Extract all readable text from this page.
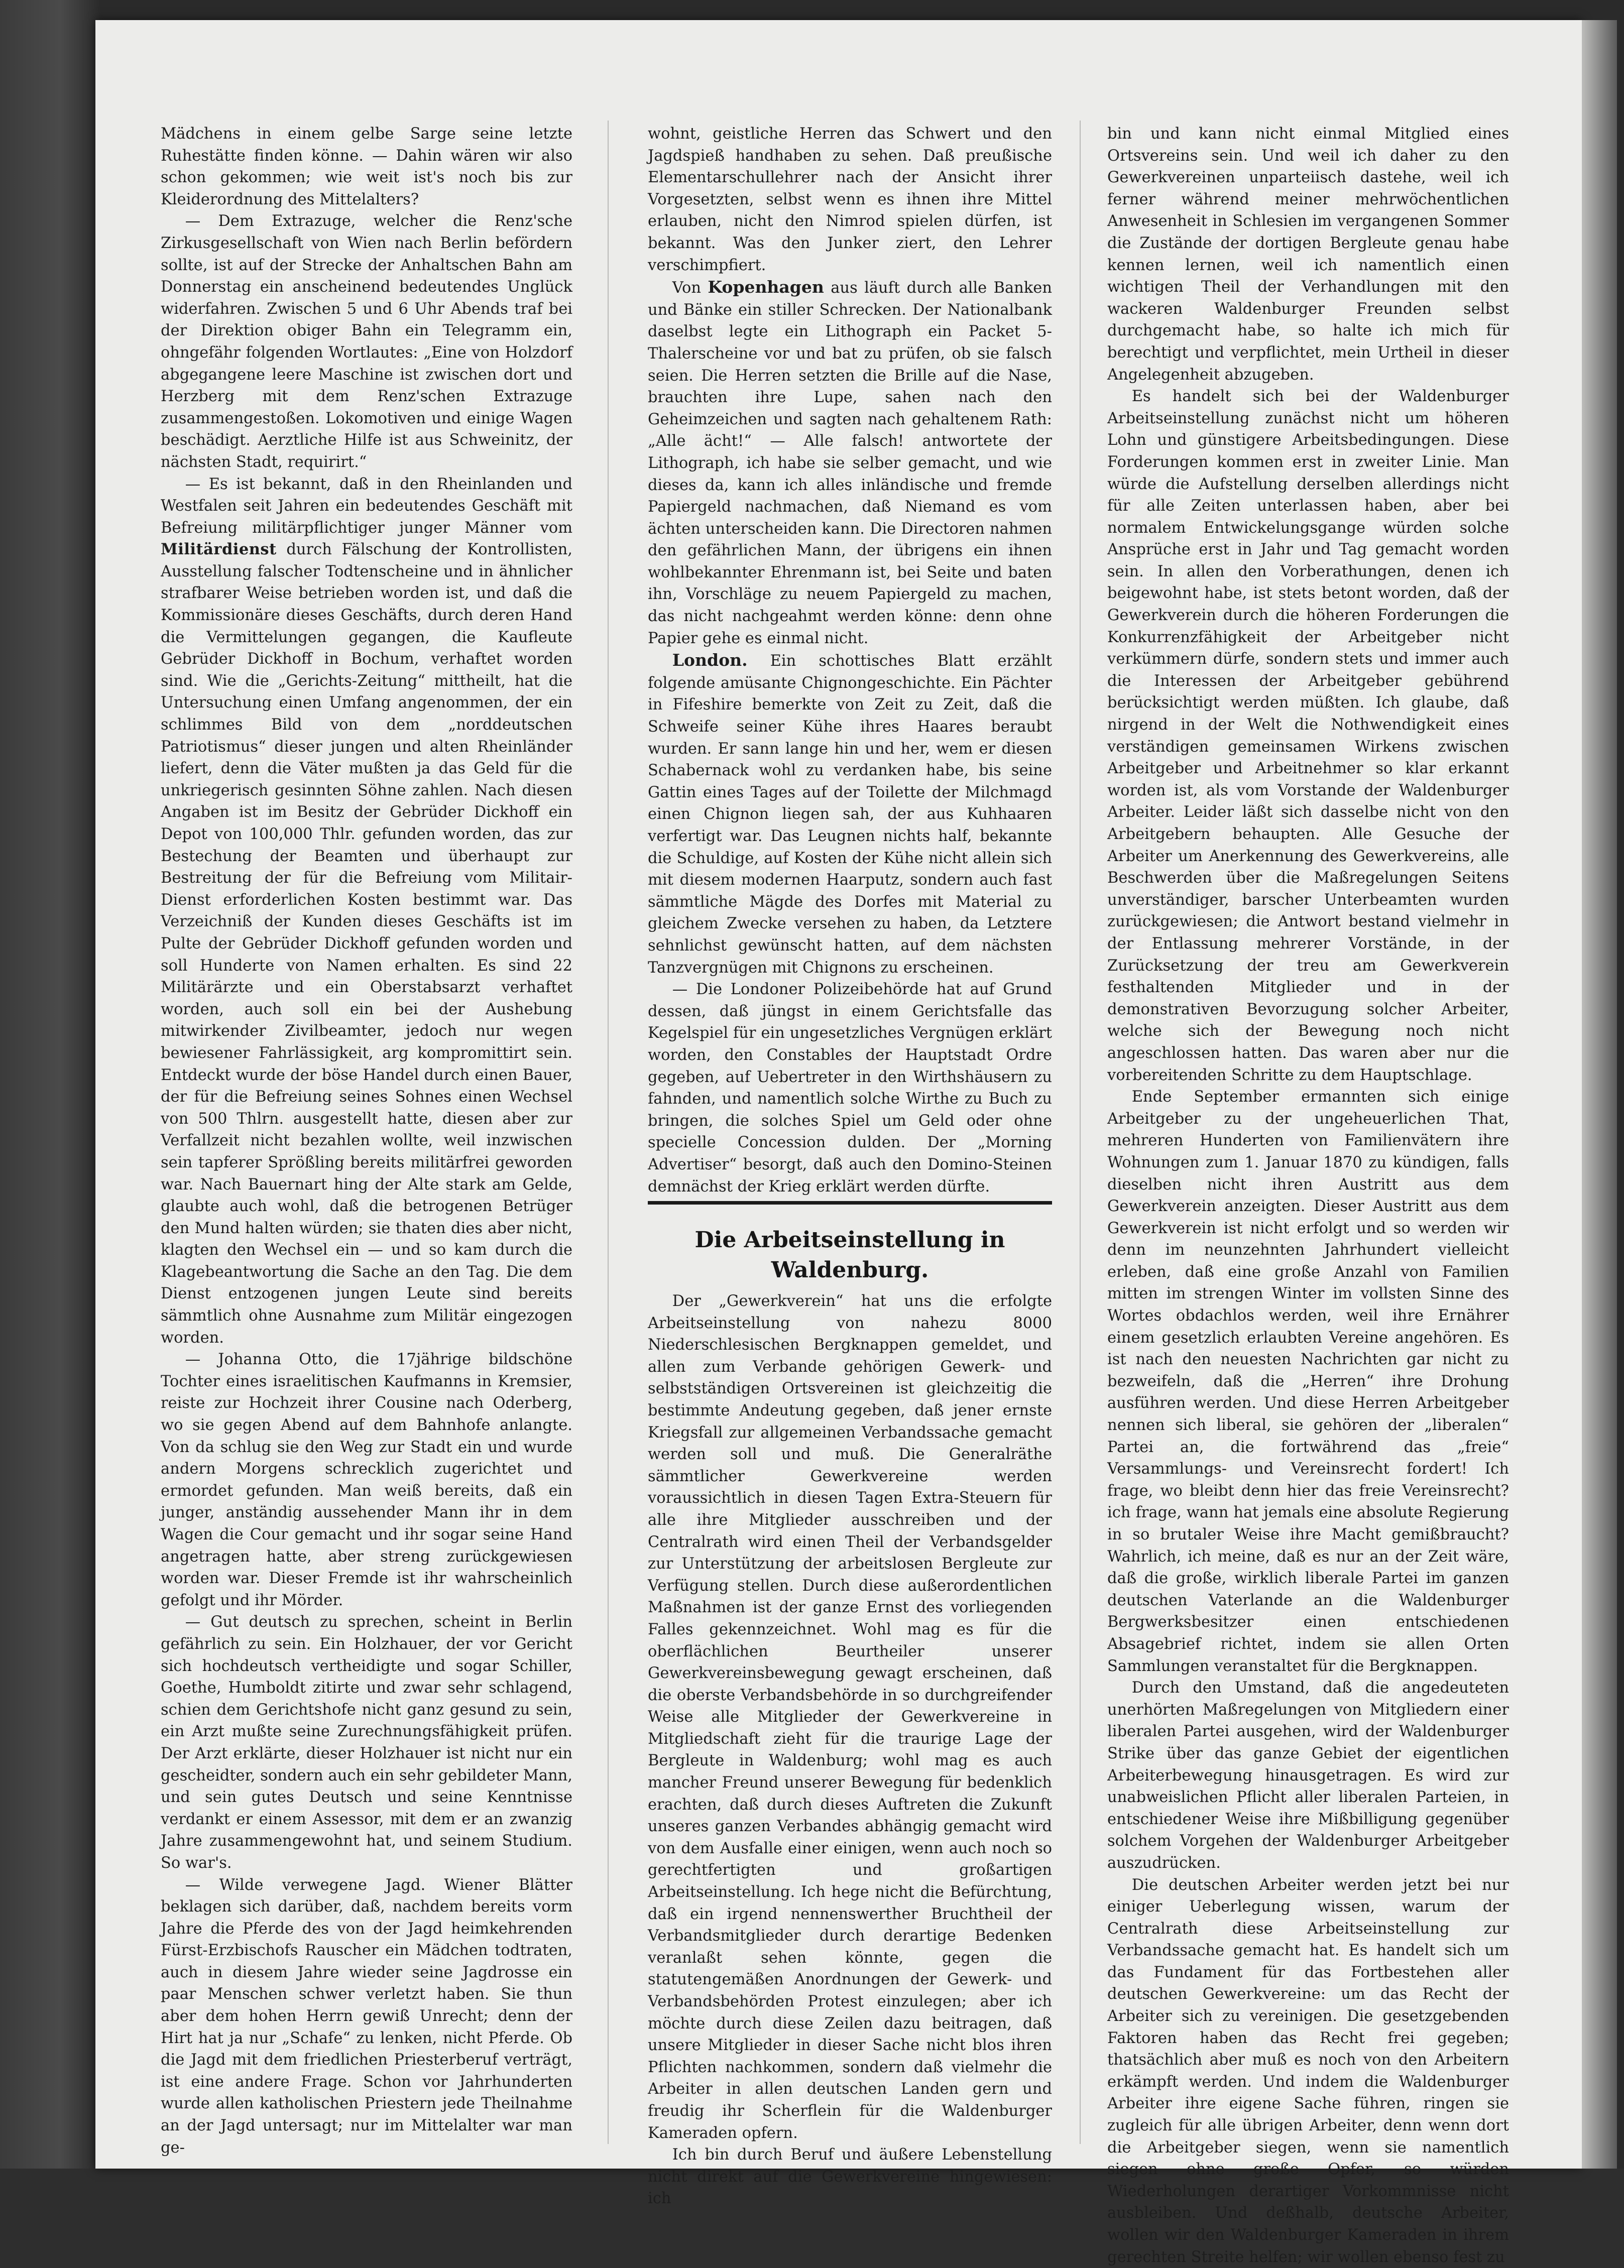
Mädchens in einem gelbe Sarge seine letzte Ruhestätte finden könne. — Dahin wären wir also schon gekommen; wie weit ist's noch bis zur Kleiderordnung des Mittelalters?

— Dem Extrazuge, welcher die Renz'sche Zirkusgesellschaft von Wien nach Berlin befördern sollte, ist auf der Strecke der Anhaltschen Bahn am Donnerstag ein anscheinend bedeutendes Unglück widerfahren. Zwischen 5 und 6 Uhr Abends traf bei der Direktion obiger Bahn ein Telegramm ein, ohngefähr folgenden Wortlautes: „Eine von Holzdorf abgegangene leere Maschine ist zwischen dort und Herzberg mit dem Renz'schen Extrazuge zusammengestoßen. Lokomotiven und einige Wagen beschädigt. Aerztliche Hilfe ist aus Schweinitz, der nächsten Stadt, requirirt.“

— Es ist bekannt, daß in den Rheinlanden und Westfalen seit Jahren ein bedeutendes Geschäft mit Befreiung militärpflichtiger junger Männer vom Militärdienst durch Fälschung der Kontrollisten, Ausstellung falscher Todtenscheine und in ähnlicher strafbarer Weise betrieben worden ist, und daß die Kommissionäre dieses Geschäfts, durch deren Hand die Vermittelungen gegangen, die Kaufleute Gebrüder Dickhoff in Bochum, verhaftet worden sind. Wie die „Gerichts-Zeitung“ mittheilt, hat die Untersuchung einen Umfang angenommen, der ein schlimmes Bild von dem „norddeutschen Patriotismus“ dieser jungen und alten Rheinländer liefert, denn die Väter mußten ja das Geld für die unkriegerisch gesinnten Söhne zahlen. Nach diesen Angaben ist im Besitz der Gebrüder Dickhoff ein Depot von 100,000 Thlr. gefunden worden, das zur Bestechung der Beamten und überhaupt zur Bestreitung der für die Befreiung vom Militair-Dienst erforderlichen Kosten bestimmt war. Das Verzeichniß der Kunden dieses Geschäfts ist im Pulte der Gebrüder Dickhoff gefunden worden und soll Hunderte von Namen erhalten. Es sind 22 Militärärzte und ein Oberstabsarzt verhaftet worden, auch soll ein bei der Aushebung mitwirkender Zivilbeamter, jedoch nur wegen bewiesener Fahrlässigkeit, arg kompromittirt sein. Entdeckt wurde der böse Handel durch einen Bauer, der für die Befreiung seines Sohnes einen Wechsel von 500 Thlrn. ausgestellt hatte, diesen aber zur Verfallzeit nicht bezahlen wollte, weil inzwischen sein tapferer Sprößling bereits militärfrei geworden war. Nach Bauernart hing der Alte stark am Gelde, glaubte auch wohl, daß die betrogenen Betrüger den Mund halten würden; sie thaten dies aber nicht, klagten den Wechsel ein — und so kam durch die Klagebeantwortung die Sache an den Tag. Die dem Dienst entzogenen jungen Leute sind bereits sämmtlich ohne Ausnahme zum Militär eingezogen worden.

— Johanna Otto, die 17jährige bildschöne Tochter eines israelitischen Kaufmanns in Kremsier, reiste zur Hochzeit ihrer Cousine nach Oderberg, wo sie gegen Abend auf dem Bahnhofe anlangte. Von da schlug sie den Weg zur Stadt ein und wurde andern Morgens schrecklich zugerichtet und ermordet gefunden. Man weiß bereits, daß ein junger, anständig aussehender Mann ihr in dem Wagen die Cour gemacht und ihr sogar seine Hand angetragen hatte, aber streng zurückgewiesen worden war. Dieser Fremde ist ihr wahrscheinlich gefolgt und ihr Mörder.

— Gut deutsch zu sprechen, scheint in Berlin gefährlich zu sein. Ein Holzhauer, der vor Gericht sich hochdeutsch vertheidigte und sogar Schiller, Goethe, Humboldt zitirte und zwar sehr schlagend, schien dem Gerichtshofe nicht ganz gesund zu sein, ein Arzt mußte seine Zurechnungsfähigkeit prüfen. Der Arzt erklärte, dieser Holzhauer ist nicht nur ein gescheidter, sondern auch ein sehr gebildeter Mann, und sein gutes Deutsch und seine Kenntnisse verdankt er einem Assessor, mit dem er an zwanzig Jahre zusammengewohnt hat, und seinem Studium. So war's.

— Wilde verwegene Jagd. Wiener Blätter beklagen sich darüber, daß, nachdem bereits vorm Jahre die Pferde des von der Jagd heimkehrenden Fürst-Erzbischofs Rauscher ein Mädchen todtraten, auch in diesem Jahre wieder seine Jagdrosse ein paar Menschen schwer verletzt haben. Sie thun aber dem hohen Herrn gewiß Unrecht; denn der Hirt hat ja nur „Schafe“ zu lenken, nicht Pferde. Ob die Jagd mit dem friedlichen Priesterberuf verträgt, ist eine andere Frage. Schon vor Jahrhunderten wurde allen katholischen Priestern jede Theilnahme an der Jagd untersagt; nur im Mittelalter war man ge-

wohnt, geistliche Herren das Schwert und den Jagdspieß handhaben zu sehen. Daß preußische Elementarschullehrer nach der Ansicht ihrer Vorgesetzten, selbst wenn es ihnen ihre Mittel erlauben, nicht den Nimrod spielen dürfen, ist bekannt. Was den Junker ziert, den Lehrer verschimpfiert.

Von Kopenhagen aus läuft durch alle Banken und Bänke ein stiller Schrecken. Der Nationalbank daselbst legte ein Lithograph ein Packet 5-Thalerscheine vor und bat zu prüfen, ob sie falsch seien. Die Herren setzten die Brille auf die Nase, brauchten ihre Lupe, sahen nach den Geheimzeichen und sagten nach gehaltenem Rath: „Alle ächt!“ — Alle falsch! antwortete der Lithograph, ich habe sie selber gemacht, und wie dieses da, kann ich alles inländische und fremde Papiergeld nachmachen, daß Niemand es vom ächten unterscheiden kann. Die Directoren nahmen den gefährlichen Mann, der übrigens ein ihnen wohlbekannter Ehrenmann ist, bei Seite und baten ihn, Vorschläge zu neuem Papiergeld zu machen, das nicht nachgeahmt werden könne: denn ohne Papier gehe es einmal nicht.

London. Ein schottisches Blatt erzählt folgende amüsante Chignongeschichte. Ein Pächter in Fifeshire bemerkte von Zeit zu Zeit, daß die Schweife seiner Kühe ihres Haares beraubt wurden. Er sann lange hin und her, wem er diesen Schabernack wohl zu verdanken habe, bis seine Gattin eines Tages auf der Toilette der Milchmagd einen Chignon liegen sah, der aus Kuhhaaren verfertigt war. Das Leugnen nichts half, bekannte die Schuldige, auf Kosten der Kühe nicht allein sich mit diesem modernen Haarputz, sondern auch fast sämmtliche Mägde des Dorfes mit Material zu gleichem Zwecke versehen zu haben, da Letztere sehnlichst gewünscht hatten, auf dem nächsten Tanzvergnügen mit Chignons zu erscheinen.

— Die Londoner Polizeibehörde hat auf Grund dessen, daß jüngst in einem Gerichtsfalle das Kegelspiel für ein ungesetzliches Vergnügen erklärt worden, den Constables der Hauptstadt Ordre gegeben, auf Uebertreter in den Wirthshäusern zu fahnden, und namentlich solche Wirthe zu Buch zu bringen, die solches Spiel um Geld oder ohne specielle Concession dulden. Der „Morning Advertiser“ besorgt, daß auch den Domino-Steinen demnächst der Krieg erklärt werden dürfte.

Die Arbeitseinstellung in Waldenburg.

Der „Gewerkverein“ hat uns die erfolgte Arbeitseinstellung von nahezu 8000 Niederschlesischen Bergknappen gemeldet, und allen zum Verbande gehörigen Gewerk- und selbstständigen Ortsvereinen ist gleichzeitig die bestimmte Andeutung gegeben, daß jener ernste Kriegsfall zur allgemeinen Verbandssache gemacht werden soll und muß. Die Generalräthe sämmtlicher Gewerkvereine werden voraussichtlich in diesen Tagen Extra-Steuern für alle ihre Mitglieder ausschreiben und der Centralrath wird einen Theil der Verbandsgelder zur Unterstützung der arbeitslosen Bergleute zur Verfügung stellen. Durch diese außerordentlichen Maßnahmen ist der ganze Ernst des vorliegenden Falles gekennzeichnet. Wohl mag es für die oberflächlichen Beurtheiler unserer Gewerkvereinsbewegung gewagt erscheinen, daß die oberste Verbandsbehörde in so durchgreifender Weise alle Mitglieder der Gewerkvereine in Mitgliedschaft zieht für die traurige Lage der Bergleute in Waldenburg; wohl mag es auch mancher Freund unserer Bewegung für bedenklich erachten, daß durch dieses Auftreten die Zukunft unseres ganzen Verbandes abhängig gemacht wird von dem Ausfalle einer einigen, wenn auch noch so gerechtfertigten und großartigen Arbeitseinstellung. Ich hege nicht die Befürchtung, daß ein irgend nennenswerther Bruchtheil der Verbandsmitglieder durch derartige Bedenken veranlaßt sehen könnte, gegen die statutengemäßen Anordnungen der Gewerk- und Verbandsbehörden Protest einzulegen; aber ich möchte durch diese Zeilen dazu beitragen, daß unsere Mitglieder in dieser Sache nicht blos ihren Pflichten nachkommen, sondern daß vielmehr die Arbeiter in allen deutschen Landen gern und freudig ihr Scherflein für die Waldenburger Kameraden opfern.

Ich bin durch Beruf und äußere Lebenstellung nicht direkt auf die Gewerkvereine hingewiesen: ich

bin und kann nicht einmal Mitglied eines Ortsvereins sein. Und weil ich daher zu den Gewerkvereinen unparteiisch dastehe, weil ich ferner während meiner mehrwöchentlichen Anwesenheit in Schlesien im vergangenen Sommer die Zustände der dortigen Bergleute genau habe kennen lernen, weil ich namentlich einen wichtigen Theil der Verhandlungen mit den wackeren Waldenburger Freunden selbst durchgemacht habe, so halte ich mich für berechtigt und verpflichtet, mein Urtheil in dieser Angelegenheit abzugeben.

Es handelt sich bei der Waldenburger Arbeitseinstellung zunächst nicht um höheren Lohn und günstigere Arbeitsbedingungen. Diese Forderungen kommen erst in zweiter Linie. Man würde die Aufstellung derselben allerdings nicht für alle Zeiten unterlassen haben, aber bei normalem Entwickelungsgange würden solche Ansprüche erst in Jahr und Tag gemacht worden sein. In allen den Vorberathungen, denen ich beigewohnt habe, ist stets betont worden, daß der Gewerkverein durch die höheren Forderungen die Konkurrenzfähigkeit der Arbeitgeber nicht verkümmern dürfe, sondern stets und immer auch die Interessen der Arbeitgeber gebührend berücksichtigt werden müßten. Ich glaube, daß nirgend in der Welt die Nothwendigkeit eines verständigen gemeinsamen Wirkens zwischen Arbeitgeber und Arbeitnehmer so klar erkannt worden ist, als vom Vorstande der Waldenburger Arbeiter. Leider läßt sich dasselbe nicht von den Arbeitgebern behaupten. Alle Gesuche der Arbeiter um Anerkennung des Gewerkvereins, alle Beschwerden über die Maßregelungen Seitens unverständiger, barscher Unterbeamten wurden zurückgewiesen; die Antwort bestand vielmehr in der Entlassung mehrerer Vorstände, in der Zurücksetzung der treu am Gewerkverein festhaltenden Mitglieder und in der demonstrativen Bevorzugung solcher Arbeiter, welche sich der Bewegung noch nicht angeschlossen hatten. Das waren aber nur die vorbereitenden Schritte zu dem Hauptschlage.

Ende September ermannten sich einige Arbeitgeber zu der ungeheuerlichen That, mehreren Hunderten von Familienvätern ihre Wohnungen zum 1. Januar 1870 zu kündigen, falls dieselben nicht ihren Austritt aus dem Gewerkverein anzeigten. Dieser Austritt aus dem Gewerkverein ist nicht erfolgt und so werden wir denn im neunzehnten Jahrhundert vielleicht erleben, daß eine große Anzahl von Familien mitten im strengen Winter im vollsten Sinne des Wortes obdachlos werden, weil ihre Ernährer einem gesetzlich erlaubten Vereine angehören. Es ist nach den neuesten Nachrichten gar nicht zu bezweifeln, daß die „Herren“ ihre Drohung ausführen werden. Und diese Herren Arbeitgeber nennen sich liberal, sie gehören der „liberalen“ Partei an, die fortwährend das „freie“ Versammlungs- und Vereinsrecht fordert! Ich frage, wo bleibt denn hier das freie Vereinsrecht? ich frage, wann hat jemals eine absolute Regierung in so brutaler Weise ihre Macht gemißbraucht? Wahrlich, ich meine, daß es nur an der Zeit wäre, daß die große, wirklich liberale Partei im ganzen deutschen Vaterlande an die Waldenburger Bergwerksbesitzer einen entschiedenen Absagebrief richtet, indem sie allen Orten Sammlungen veranstaltet für die Bergknappen.

Durch den Umstand, daß die angedeuteten unerhörten Maßregelungen von Mitgliedern einer liberalen Partei ausgehen, wird der Waldenburger Strike über das ganze Gebiet der eigentlichen Arbeiterbewegung hinausgetragen. Es wird zur unabweislichen Pflicht aller liberalen Parteien, in entschiedener Weise ihre Mißbilligung gegenüber solchem Vorgehen der Waldenburger Arbeitgeber auszudrücken.

Die deutschen Arbeiter werden jetzt bei nur einiger Ueberlegung wissen, warum der Centralrath diese Arbeitseinstellung zur Verbandssache gemacht hat. Es handelt sich um das Fundament für das Fortbestehen aller deutschen Gewerkvereine: um das Recht der Arbeiter sich zu vereinigen. Die gesetzgebenden Faktoren haben das Recht frei gegeben; thatsächlich aber muß es noch von den Arbeitern erkämpft werden. Und indem die Waldenburger Arbeiter ihre eigene Sache führen, ringen sie zugleich für alle übrigen Arbeiter, denn wenn dort die Arbeitgeber siegen, wenn sie namentlich siegen ohne große Opfer, so würden Wiederholungen derartiger Vorkommnisse nicht ausbleiben. Und deßhalb, deutsche Arbeiter, wollen wir den Waldenburger Kameraden in ihrem gerechten Streite helfen; wir wollen ebenso fest zu
